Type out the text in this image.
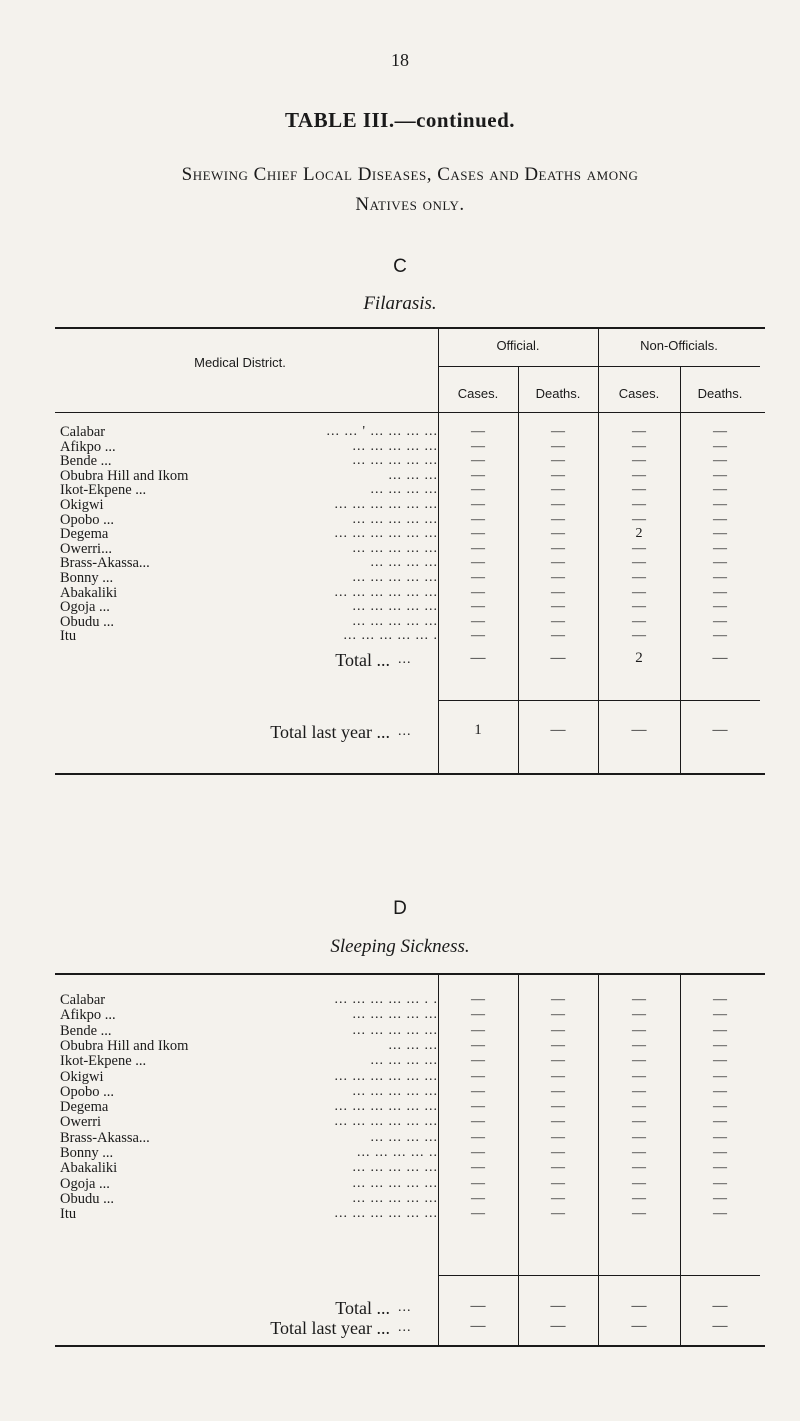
18
TABLE III.—continued.
Shewing Chief Local Diseases, Cases and Deaths among
Natives only.
C
Filarasis.
Medical District.
Official.	Non-Officials.
Cases.	Deaths.	Cases.	Deaths.
... ... ' ... ... ... ...
Calabar	—	—	—	—
... ... ... ... ...
Afikpo ...	—	—	—	—
... ... ... ... ...
Bende ...	—	—	—	—
... ... ...
Obubra Hill and Ikom	—	—	—	—
... ... ... ...
Ikot-Ekpene ...	—	—	—	—
... ... ... ... ... ...
Okigwi	—	—	—	—
... ... ... ... ...
Opobo ...	—	—	—	—
... ... ... ... ... ...
Degema	—	—	2	—
... ... ... ... ...
Owerri...	—	—	—	—
... ... ... ...
Brass-Akassa...	—	—	—	—
... ... ... ... ...
Bonny ...	—	—	—	—
... ... ... ... ... ...
Abakaliki	—	—	—	—
... ... ... ... ...
Ogoja ...	—	—	—	—
... ... ... ... ...
Obudu ...	—	—	—	—
... ... ... ... ... .
Itu	—	—	—	—
Total ... ...	—	—	2	—
Total last year ... ...	1	—	—	—
D
Sleeping Sickness.
... ... ... ... ... . .
Calabar	—	—	—	—
... ... ... ... ...
Afikpo ...	—	—	—	—
... ... ... ... ...
Bende ...	—	—	—	—
... ... ...
Obubra Hill and Ikom	—	—	—	—
... ... ... ...
Ikot-Ekpene ...	—	—	—	—
... ... ... ... ... ...
Okigwi	—	—	—	—
... ... ... ... ...
Opobo ...	—	—	—	—
... ... ... ... ... ...
Degema	—	—	—	—
... ... ... ... ... ...
Owerri	—	—	—	—
... ... ... ...
Brass-Akassa...	—	—	—	—
... ... ... ... ..
Bonny ...	—	—	—	—
... ... ... ... ...
Abakaliki	—	—	—	—
... ... ... ... ...
Ogoja ...	—	—	—	—
... ... ... ... ...
Obudu ...	—	—	—	—
... ... ... ... ... ...
Itu	—	—	—	—
Total ... ...	—	—	—	—
Total last year ... ...	—	—	—	—
